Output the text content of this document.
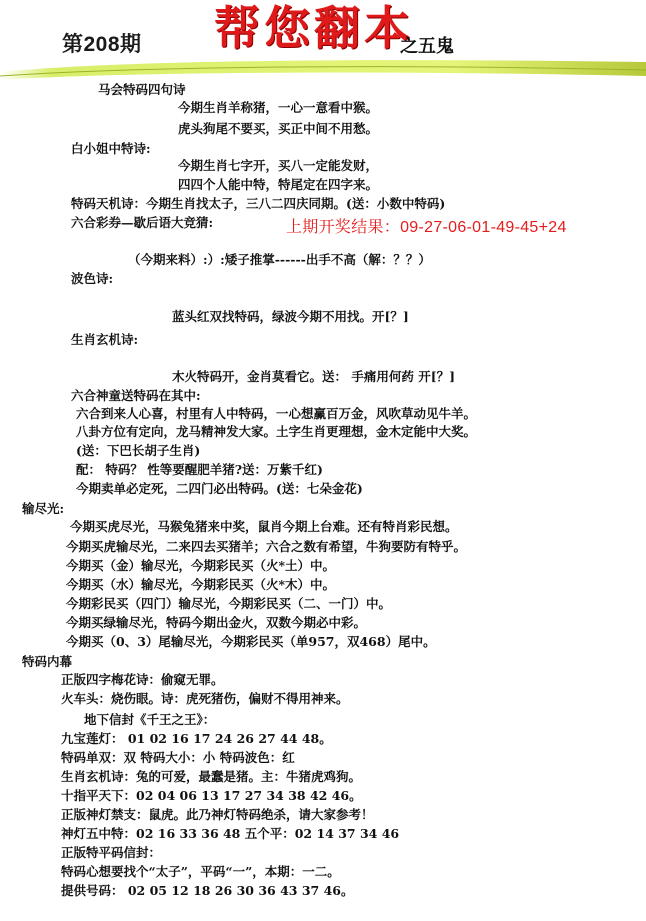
第208期 帮您翻本
之五鬼
马会特码四句诗
今期生肖羊称猪，一心一意看中猴。
虎头狗尾不要买，买正中间不用愁。
白小姐中特诗:
今期生肖七字开，买八一定能发财，
四四个人能中特，特尾定在四字来。
特码天机诗：今期生肖找太子，三八二四庆同期。(送：小数中特码)
六合彩券—歇后语大竞猜:	上期开奖结果：09-27-06-01-49-45+24
（今期来料）:）:矮子推掌------出手不高（解：？？）
波色诗:
蓝头红双找特码，绿波今期不用找。开[？]
生肖玄机诗:
木火特码开，金肖莫看它。送： 手痛用何药 开[？]
六合神童送特码在其中:
六合到来人心喜，村里有人中特码，一心想赢百万金，风吹草动见牛羊。
八卦方位有定向，龙马精神发大家。土字生肖更理想，金木定能中大奖。
(送：下巴长胡子生肖)
配： 特码？ 性等要醒肥羊猪?送：万紫千红)
今期卖单必定死，二四门必出特码。(送：七朵金花)
输尽光:
今期买虎尽光，马猴兔猪来中奖，鼠肖今期上台难。还有特肖彩民想。
今期买虎输尽光，二来四去买猪羊；六合之数有希望，牛狗要防有特乎。
今期买（金）输尽光，今期彩民买（火*土）中。
今期买（水）输尽光，今期彩民买（火*木）中。
今期彩民买（四门）输尽光，今期彩民买（二、一门）中。
今期买绿输尽光，特码今期出金火，双数今期必中彩。
今期买（0、3）尾输尽光，今期彩民买（单957，双468）尾中。
特码内幕
正版四字梅花诗：偷窥无罪。
火车头：烧伤眼。诗：虎死猪伤，偏财不得用神来。
地下信封《千王之王》：
九宝莲灯： 01 02 16 17 24 26 27 44 48。
特码单双：双 特码大小：小 特码波色：红
生肖玄机诗：兔的可爱，最蠢是猪。主：牛猪虎鸡狗。
十指平天下：02 04 06 13 17 27 34 38 42 46。
正版神灯禁支：鼠虎。此乃神灯特码绝杀，请大家参考！
神灯五中特：02 16 33 36 48 五个平：02 14 37 34 46
正版特平码信封：
特码心想要找个“太子”，平码“一”，本期：一二。
提供号码： 02 05 12 18 26 30 36 43 37 46。
